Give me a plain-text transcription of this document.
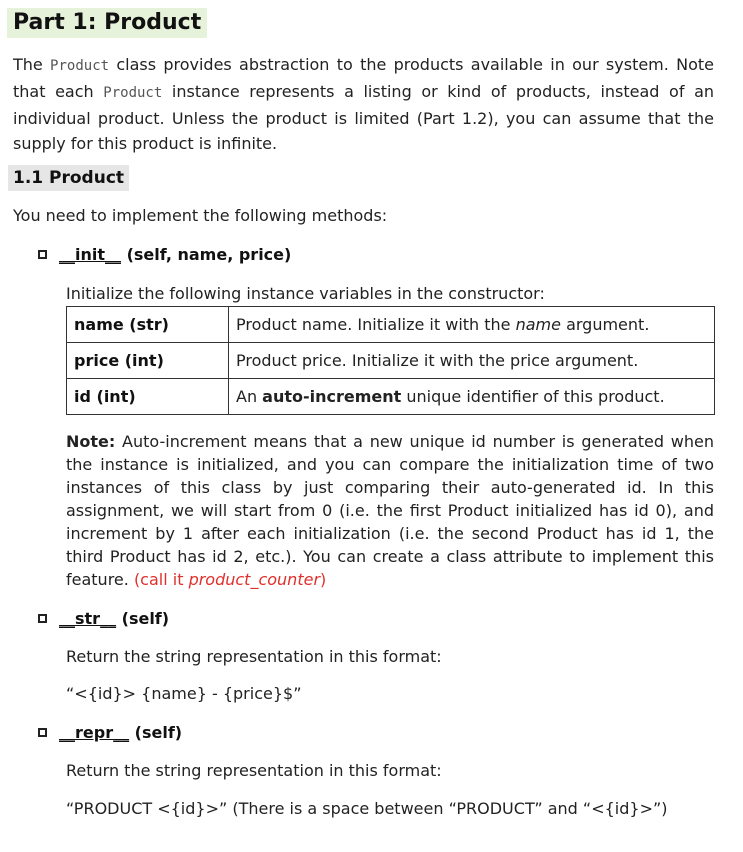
Part 1: Product

The Product class provides abstraction to the products available in our system. Note that each Product instance represents a listing or kind of products, instead of an individual product. Unless the product is limited (Part 1.2), you can assume that the supply for this product is infinite.

1.1 Product

You need to implement the following methods:

__init__ (self, name, price)

Initialize the following instance variables in the constructor:

name (str)	Product name. Initialize it with the name argument.
price (int)	Product price. Initialize it with the price argument.
id (int)	An auto-increment unique identifier of this product.

Note: Auto-increment means that a new unique id number is generated when the instance is initialized, and you can compare the initialization time of two instances of this class by just comparing their auto-generated id. In this assignment, we will start from 0 (i.e. the first Product initialized has id 0), and increment by 1 after each initialization (i.e. the second Product has id 1, the third Product has id 2, etc.). You can create a class attribute to implement this feature. (call it product_counter)

__str__ (self)

Return the string representation in this format:

“<{id}> {name} - {price}$”

__repr__ (self)

Return the string representation in this format:

“PRODUCT <{id}>” (There is a space between “PRODUCT” and “<{id}>”)
